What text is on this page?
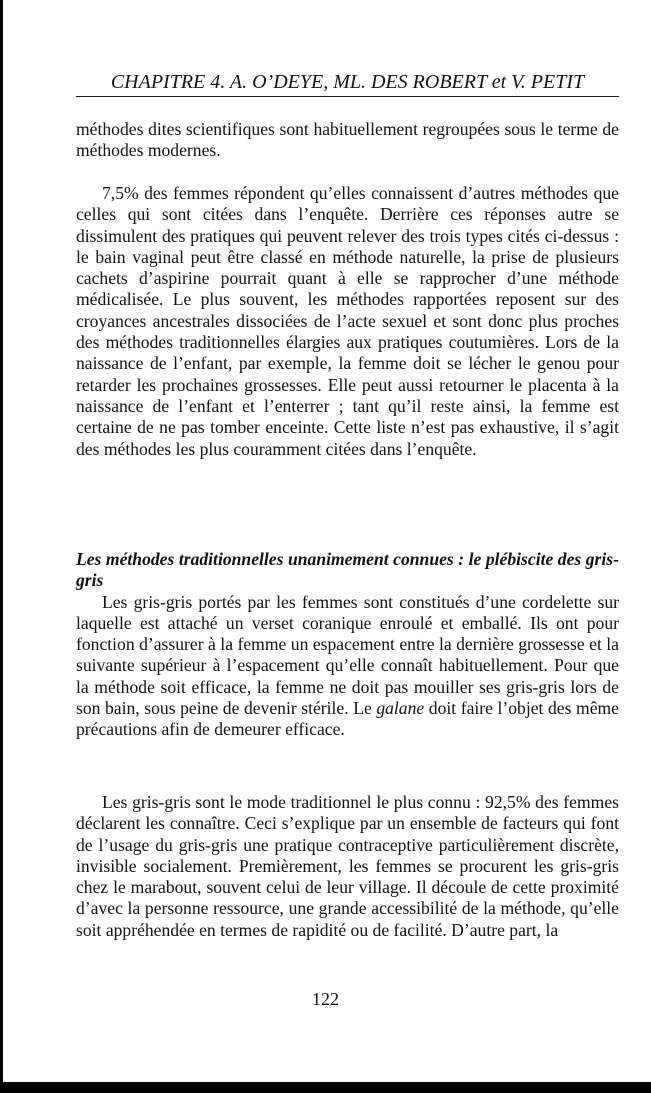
CHAPITRE 4. A. O’DEYE, ML. DES ROBERT et V. PETIT

méthodes dites scientifiques sont habituellement regroupées sous le terme de méthodes modernes.

7,5% des femmes répondent qu’elles connaissent d’autres méthodes que celles qui sont citées dans l’enquête. Derrière ces réponses autre se dissimulent des pratiques qui peuvent relever des trois types cités ci-dessus : le bain vaginal peut être classé en méthode naturelle, la prise de plusieurs cachets d’aspirine pourrait quant à elle se rapprocher d’une méthode médicalisée. Le plus souvent, les méthodes rapportées reposent sur des croyances ancestrales dissociées de l’acte sexuel et sont donc plus proches des méthodes traditionnelles élargies aux pratiques coutumières. Lors de la naissance de l’enfant, par exemple, la femme doit se lécher le genou pour retarder les prochaines grossesses. Elle peut aussi retourner le placenta à la naissance de l’enfant et l’enterrer ; tant qu’il reste ainsi, la femme est certaine de ne pas tomber enceinte. Cette liste n’est pas exhaustive, il s’agit des méthodes les plus couramment citées dans l’enquête.

Les méthodes traditionnelles unanimement connues : le plébiscite des gris-gris

Les gris-gris portés par les femmes sont constitués d’une cordelette sur laquelle est attaché un verset coranique enroulé et emballé. Ils ont pour fonction d’assurer à la femme un espacement entre la dernière grossesse et la suivante supérieur à l’espacement qu’elle connaît habituellement. Pour que la méthode soit efficace, la femme ne doit pas mouiller ses gris-gris lors de son bain, sous peine de devenir stérile. Le galane doit faire l’objet des même précautions afin de demeurer efficace.

Les gris-gris sont le mode traditionnel le plus connu : 92,5% des femmes déclarent les connaître. Ceci s’explique par un ensemble de facteurs qui font de l’usage du gris-gris une pratique contraceptive particulièrement discrète, invisible socialement. Premièrement, les femmes se procurent les gris-gris chez le marabout, souvent celui de leur village. Il découle de cette proximité d’avec la personne ressource, une grande accessibilité de la méthode, qu’elle soit appréhendée en termes de rapidité ou de facilité. D’autre part, la

122
